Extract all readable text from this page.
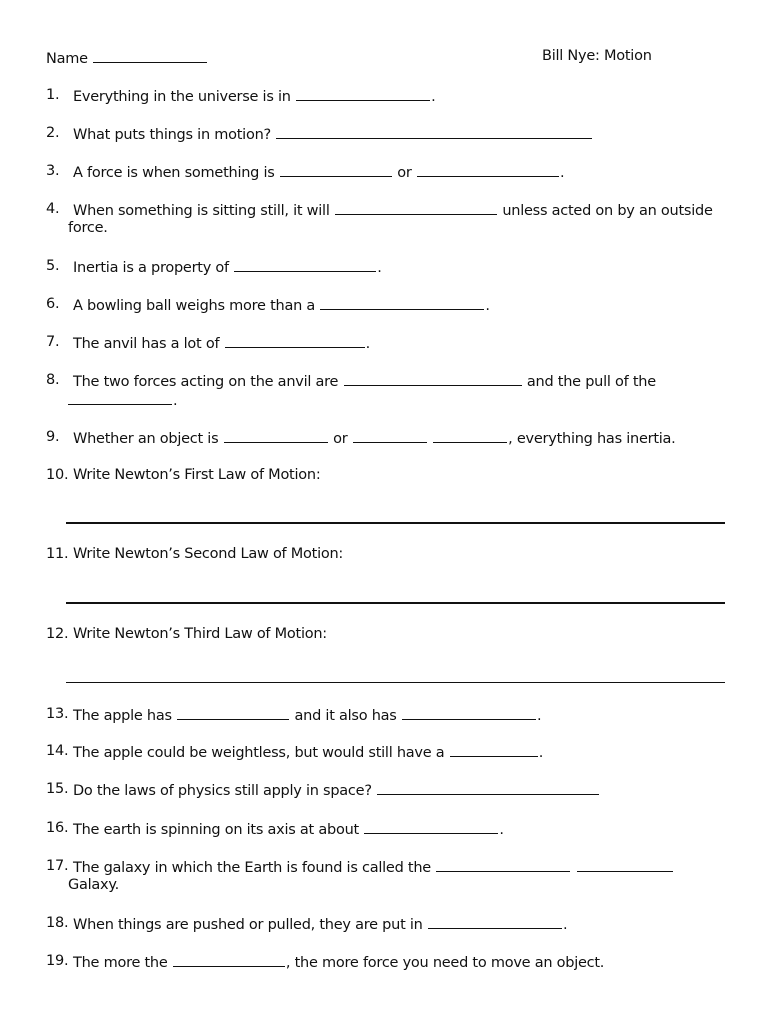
Name	Bill Nye: Motion
1. Everything in the universe is in	.
2. What puts things in motion?
3. A force is when something is	or	.
4. When something is sitting still, it will	unless acted on by an outside
force.
5. Inertia is a property of	.
6. A bowling ball weighs more than a	.
7. The anvil has a lot of	.
8. The two forces acting on the anvil are	and the pull of the
.
9. Whether an object is	or	, everything has inertia.
10. Write Newton’s First Law of Motion:
11. Write Newton’s Second Law of Motion:
12. Write Newton’s Third Law of Motion:
13. The apple has	and it also has	.
14. The apple could be weightless, but would still have a	.
15. Do the laws of physics still apply in space?
16. The earth is spinning on its axis at about	.
17. The galaxy in which the Earth is found is called the
Galaxy.
18. When things are pushed or pulled, they are put in	.
19. The more the	, the more force you need to move an object.
